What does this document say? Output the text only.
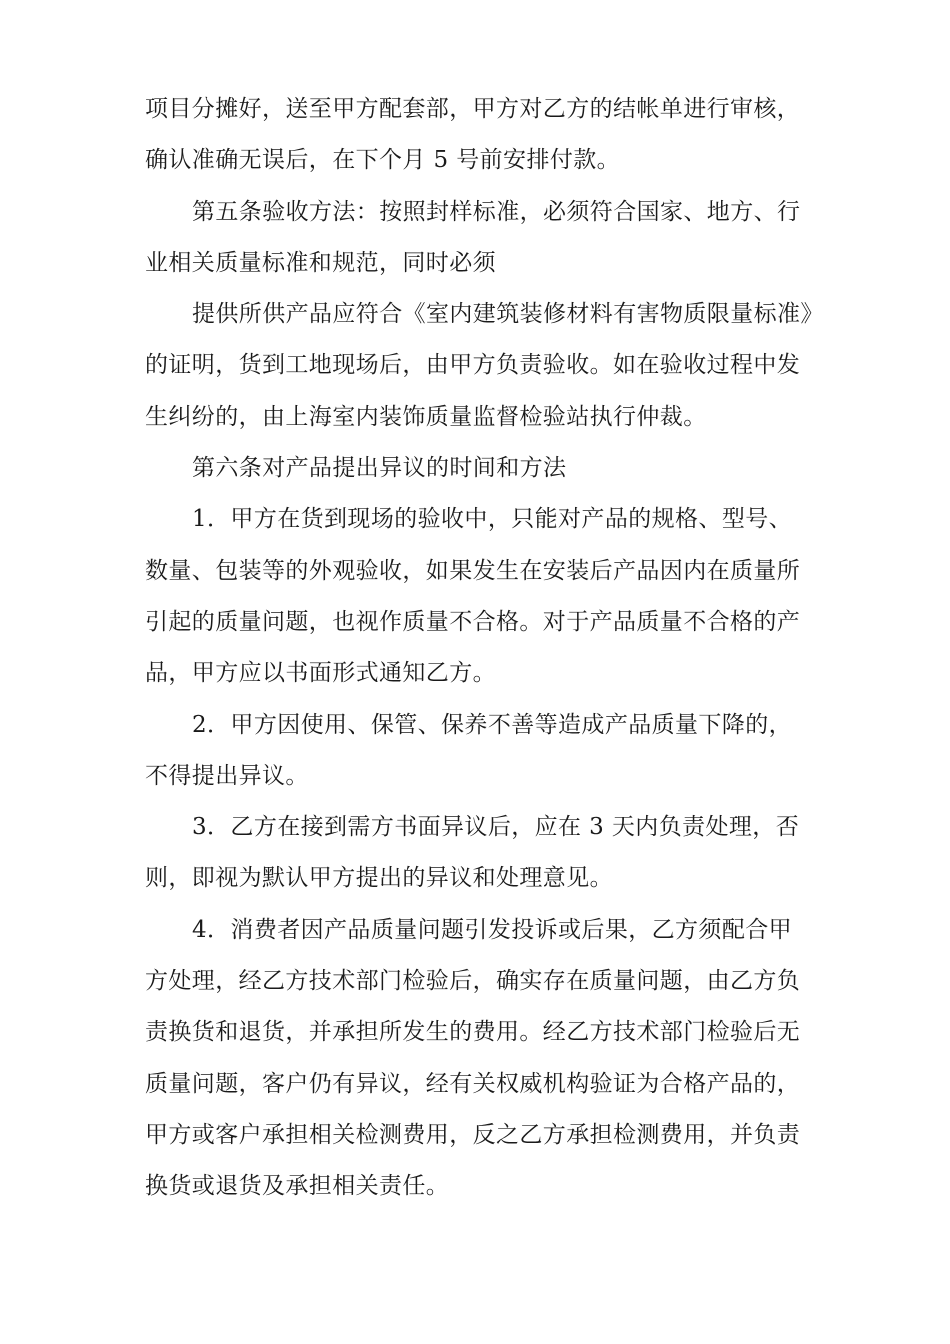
项目分摊好，送至甲方配套部，甲方对乙方的结帐单进行审核，
确认准确无误后，在下个月 5 号前安排付款。
第五条验收方法：按照封样标准，必须符合国家、地方、行
业相关质量标准和规范，同时必须
提供所供产品应符合《室内建筑装修材料有害物质限量标准》
的证明，货到工地现场后，由甲方负责验收。如在验收过程中发
生纠纷的，由上海室内装饰质量监督检验站执行仲裁。
第六条对产品提出异议的时间和方法
1．甲方在货到现场的验收中，只能对产品的规格、型号、
数量、包装等的外观验收，如果发生在安装后产品因内在质量所
引起的质量问题，也视作质量不合格。对于产品质量不合格的产
品，甲方应以书面形式通知乙方。
2．甲方因使用、保管、保养不善等造成产品质量下降的，
不得提出异议。
3．乙方在接到需方书面异议后，应在 3 天内负责处理，否
则，即视为默认甲方提出的异议和处理意见。
4．消费者因产品质量问题引发投诉或后果，乙方须配合甲
方处理，经乙方技术部门检验后，确实存在质量问题，由乙方负
责换货和退货，并承担所发生的费用。经乙方技术部门检验后无
质量问题，客户仍有异议，经有关权威机构验证为合格产品的，
甲方或客户承担相关检测费用，反之乙方承担检测费用，并负责
换货或退货及承担相关责任。
